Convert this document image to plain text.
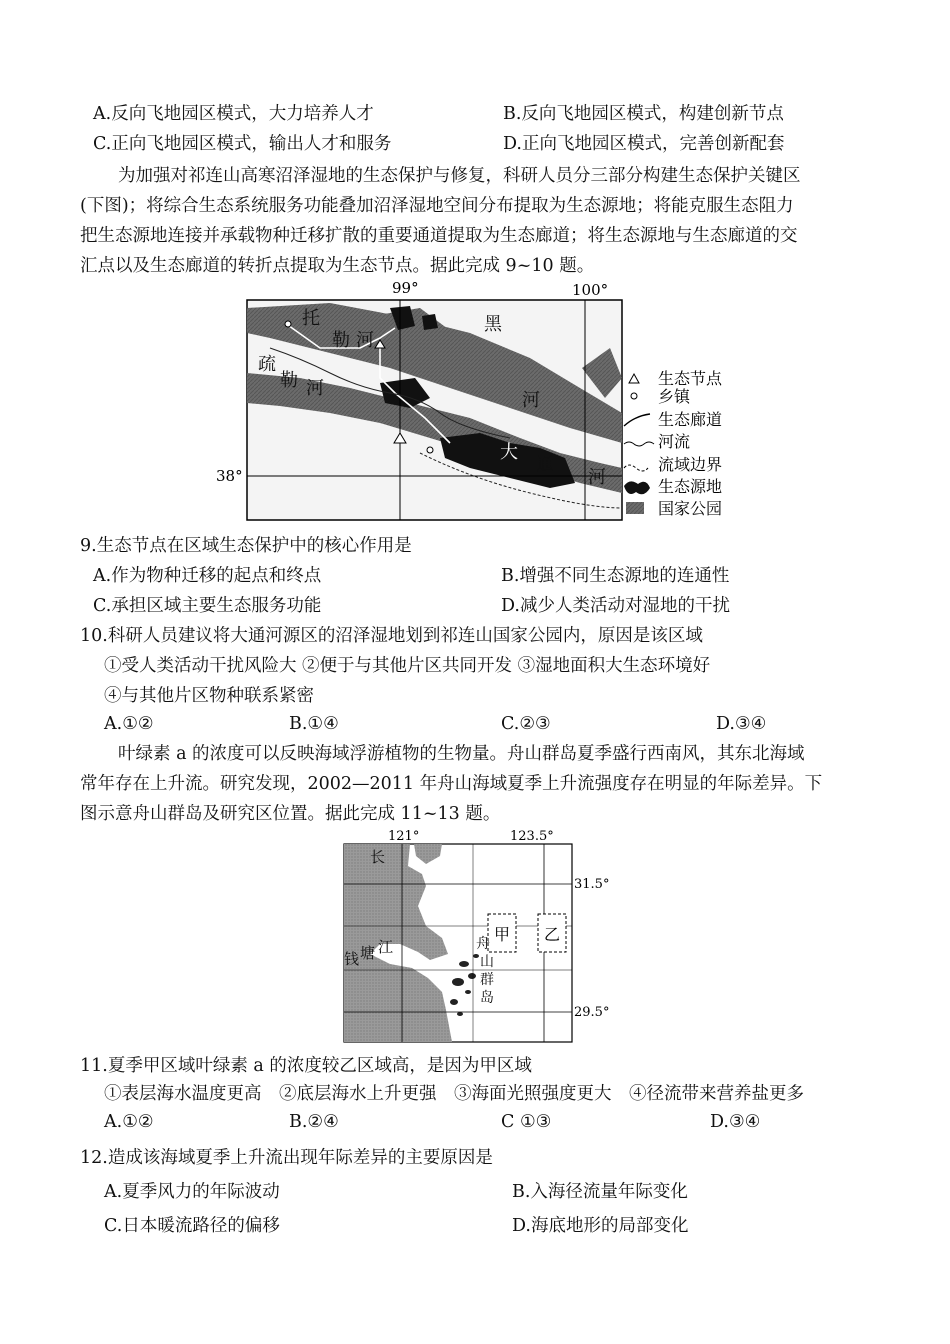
A.反向飞地园区模式，大力培养人才	B.反向飞地园区模式，构建创新节点
C.正向飞地园区模式，输出人才和服务	D.正向飞地园区模式，完善创新配套
为加强对祁连山高寒沼泽湿地的生态保护与修复，科研人员分三部分构建生态保护关键区
(下图)；将综合生态系统服务功能叠加沼泽湿地空间分布提取为生态源地；将能克服生态阻力
把生态源地连接并承载物种迁移扩散的重要通道提取为生态廊道；将生态源地与生态廊道的交
汇点以及生态廊道的转折点提取为生态节点。据此完成 9~10 题。
99°	100°
38°
托
勒 河
疏
勒 河
黑
河
大
通
河
生态节点
乡镇
生态廊道
河流
流域边界
生态源地
国家公园
9.生态节点在区域生态保护中的核心作用是
A.作为物种迁移的起点和终点	B.增强不同生态源地的连通性
C.承担区域主要生态服务功能	D.减少人类活动对湿地的干扰
10.科研人员建议将大通河源区的沼泽湿地划到祁连山国家公园内，原因是该区域
①受人类活动干扰风险大 ②便于与其他片区共同开发 ③湿地面积大生态环境好
④与其他片区物种联系紧密
A.①②	B.①④	C.②③	D.③④
叶绿素 a 的浓度可以反映海域浮游植物的生物量。舟山群岛夏季盛行西南风，其东北海域
常年存在上升流。研究发现，2002—2011 年舟山海域夏季上升流强度存在明显的年际差异。下
图示意舟山群岛及研究区位置。据此完成 11~13 题。
甲 乙
121°	123.5°
31.5°
29.5°
长
钱 塘 江	舟
山
群
岛
11.夏季甲区域叶绿素 a 的浓度较乙区域高，是因为甲区域
①表层海水温度更高　②底层海水上升更强　③海面光照强度更大　④径流带来营养盐更多
A.①②	B.②④	C ①③	D.③④
12.造成该海域夏季上升流出现年际差异的主要原因是
A.夏季风力的年际波动	B.入海径流量年际变化
C.日本暖流路径的偏移	D.海底地形的局部变化
